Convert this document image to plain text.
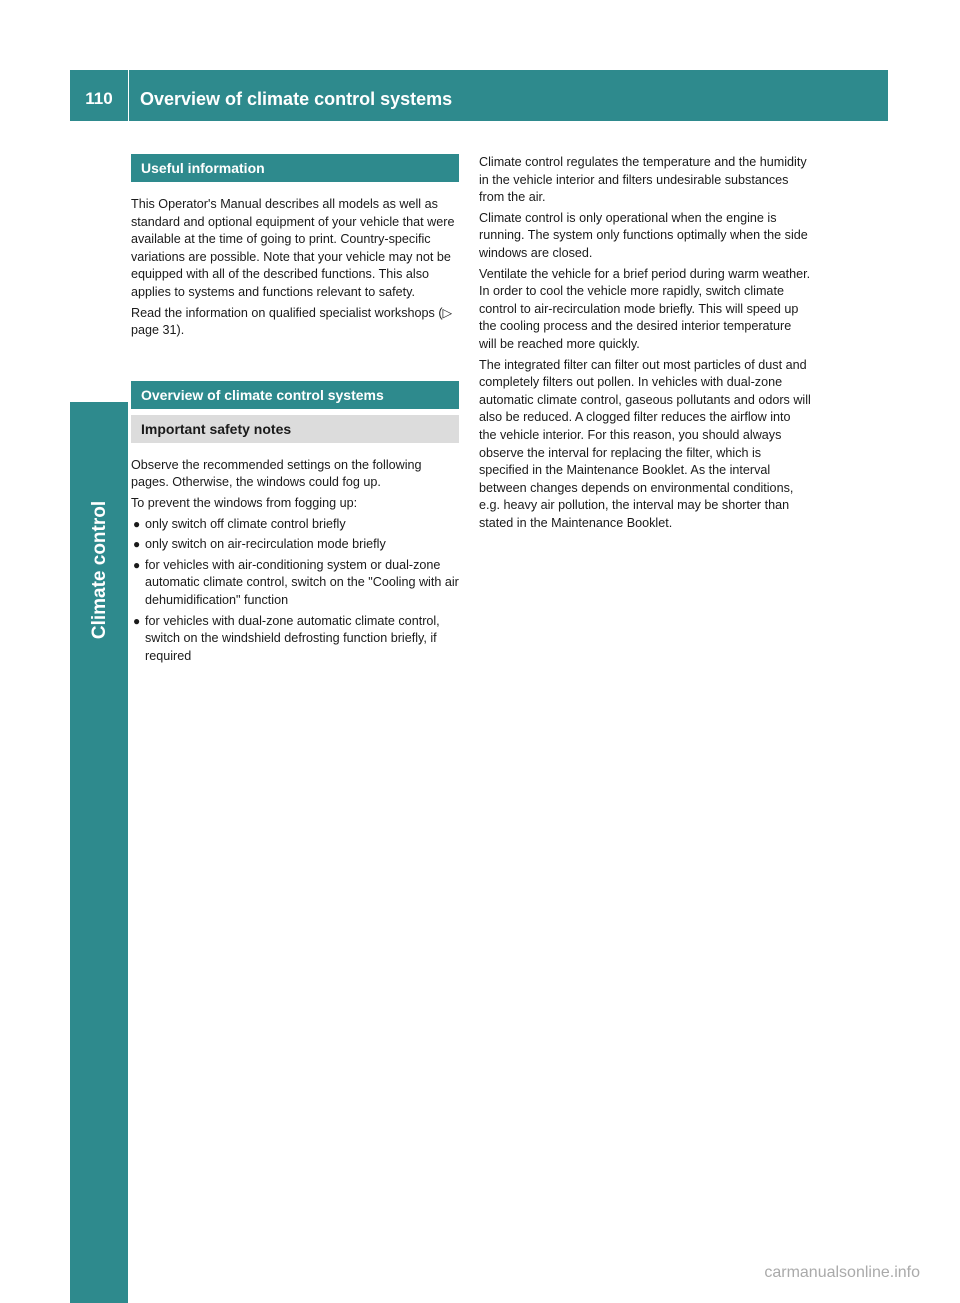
110	Overview of climate control systems
Climate control
Useful information

This Operator's Manual describes all models as well as standard and optional equipment of your vehicle that were available at the time of going to print. Country-specific variations are possible. Note that your vehicle may not be equipped with all of the described functions. This also applies to systems and functions relevant to safety.

Read the information on qualified specialist workshops (▷ page 31).

Overview of climate control systems
Important safety notes

Observe the recommended settings on the following pages. Otherwise, the windows could fog up.

To prevent the windows from fogging up:

● only switch off climate control briefly
● only switch on air-recirculation mode briefly
● for vehicles with air-conditioning system or dual-zone automatic climate control, switch on the "Cooling with air dehumidification" function
● for vehicles with dual-zone automatic climate control, switch on the windshield defrosting function briefly, if required

Climate control regulates the temperature and the humidity in the vehicle interior and filters undesirable substances from the air.

Climate control is only operational when the engine is running. The system only functions optimally when the side windows are closed.

Ventilate the vehicle for a brief period during warm weather. In order to cool the vehicle more rapidly, switch climate control to air-recirculation mode briefly. This will speed up the cooling process and the desired interior temperature will be reached more quickly.

The integrated filter can filter out most particles of dust and completely filters out pollen. In vehicles with dual-zone automatic climate control, gaseous pollutants and odors will also be reduced. A clogged filter reduces the airflow into the vehicle interior. For this reason, you should always observe the interval for replacing the filter, which is specified in the Maintenance Booklet. As the interval between changes depends on environmental conditions, e.g. heavy air pollution, the interval may be shorter than stated in the Maintenance Booklet.

carmanualsonline.info
